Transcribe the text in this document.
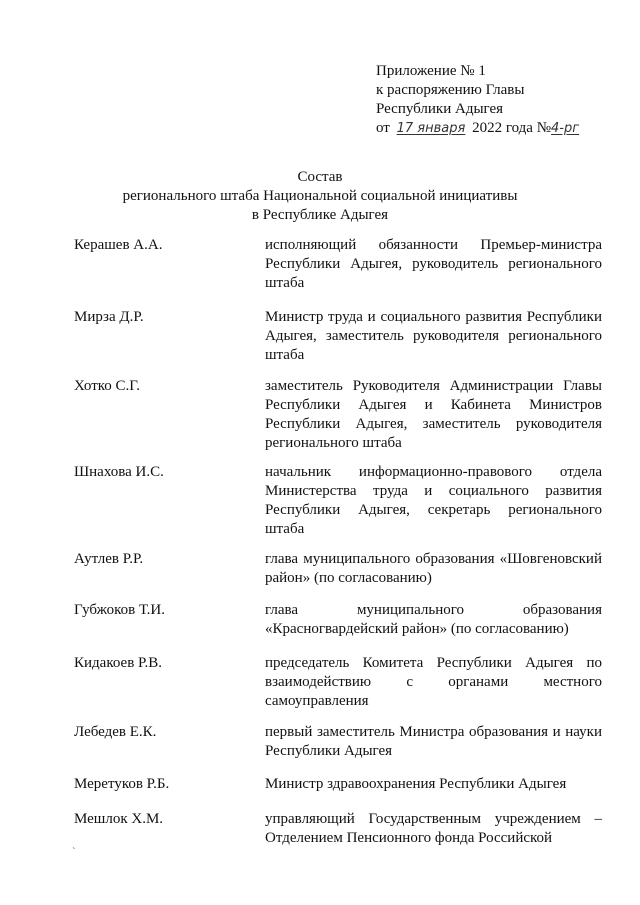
Приложение № 1
к распоряжению Главы
Республики Адыгея
от 17 января 2022 года №4-рг
Состав
регионального штаба Национальной социальной инициативы
в Республике Адыгея
Керашев А.А.	исполняющий обязанности Премьер-министра Республики Адыгея, руководитель регионального штаба
Мирза Д.Р.	Министр труда и социального развития Республики Адыгея, заместитель руководителя регионального штаба
Хотко С.Г.	заместитель Руководителя Администрации Главы Республики Адыгея и Кабинета Министров Республики Адыгея, заместитель руководителя регионального штаба
Шнахова И.С.	начальник информационно-правового отдела Министерства труда и социального развития Республики Адыгея, секретарь регионального штаба
Аутлев Р.Р.	глава муниципального образования «Шовгеновский район» (по согласованию)
Губжоков Т.И.	глава муниципального образования «Красногвардейский район» (по согласованию)
Кидакоев Р.В.	председатель Комитета Республики Адыгея по взаимодействию с органами местного самоуправления
Лебедев Е.К.	первый заместитель Министра образования и науки Республики Адыгея
Меретуков Р.Б.	Министр здравоохранения Республики Адыгея
Мешлок Х.М.	управляющий Государственным учреждением – Отделением Пенсионного фонда Российской
`
